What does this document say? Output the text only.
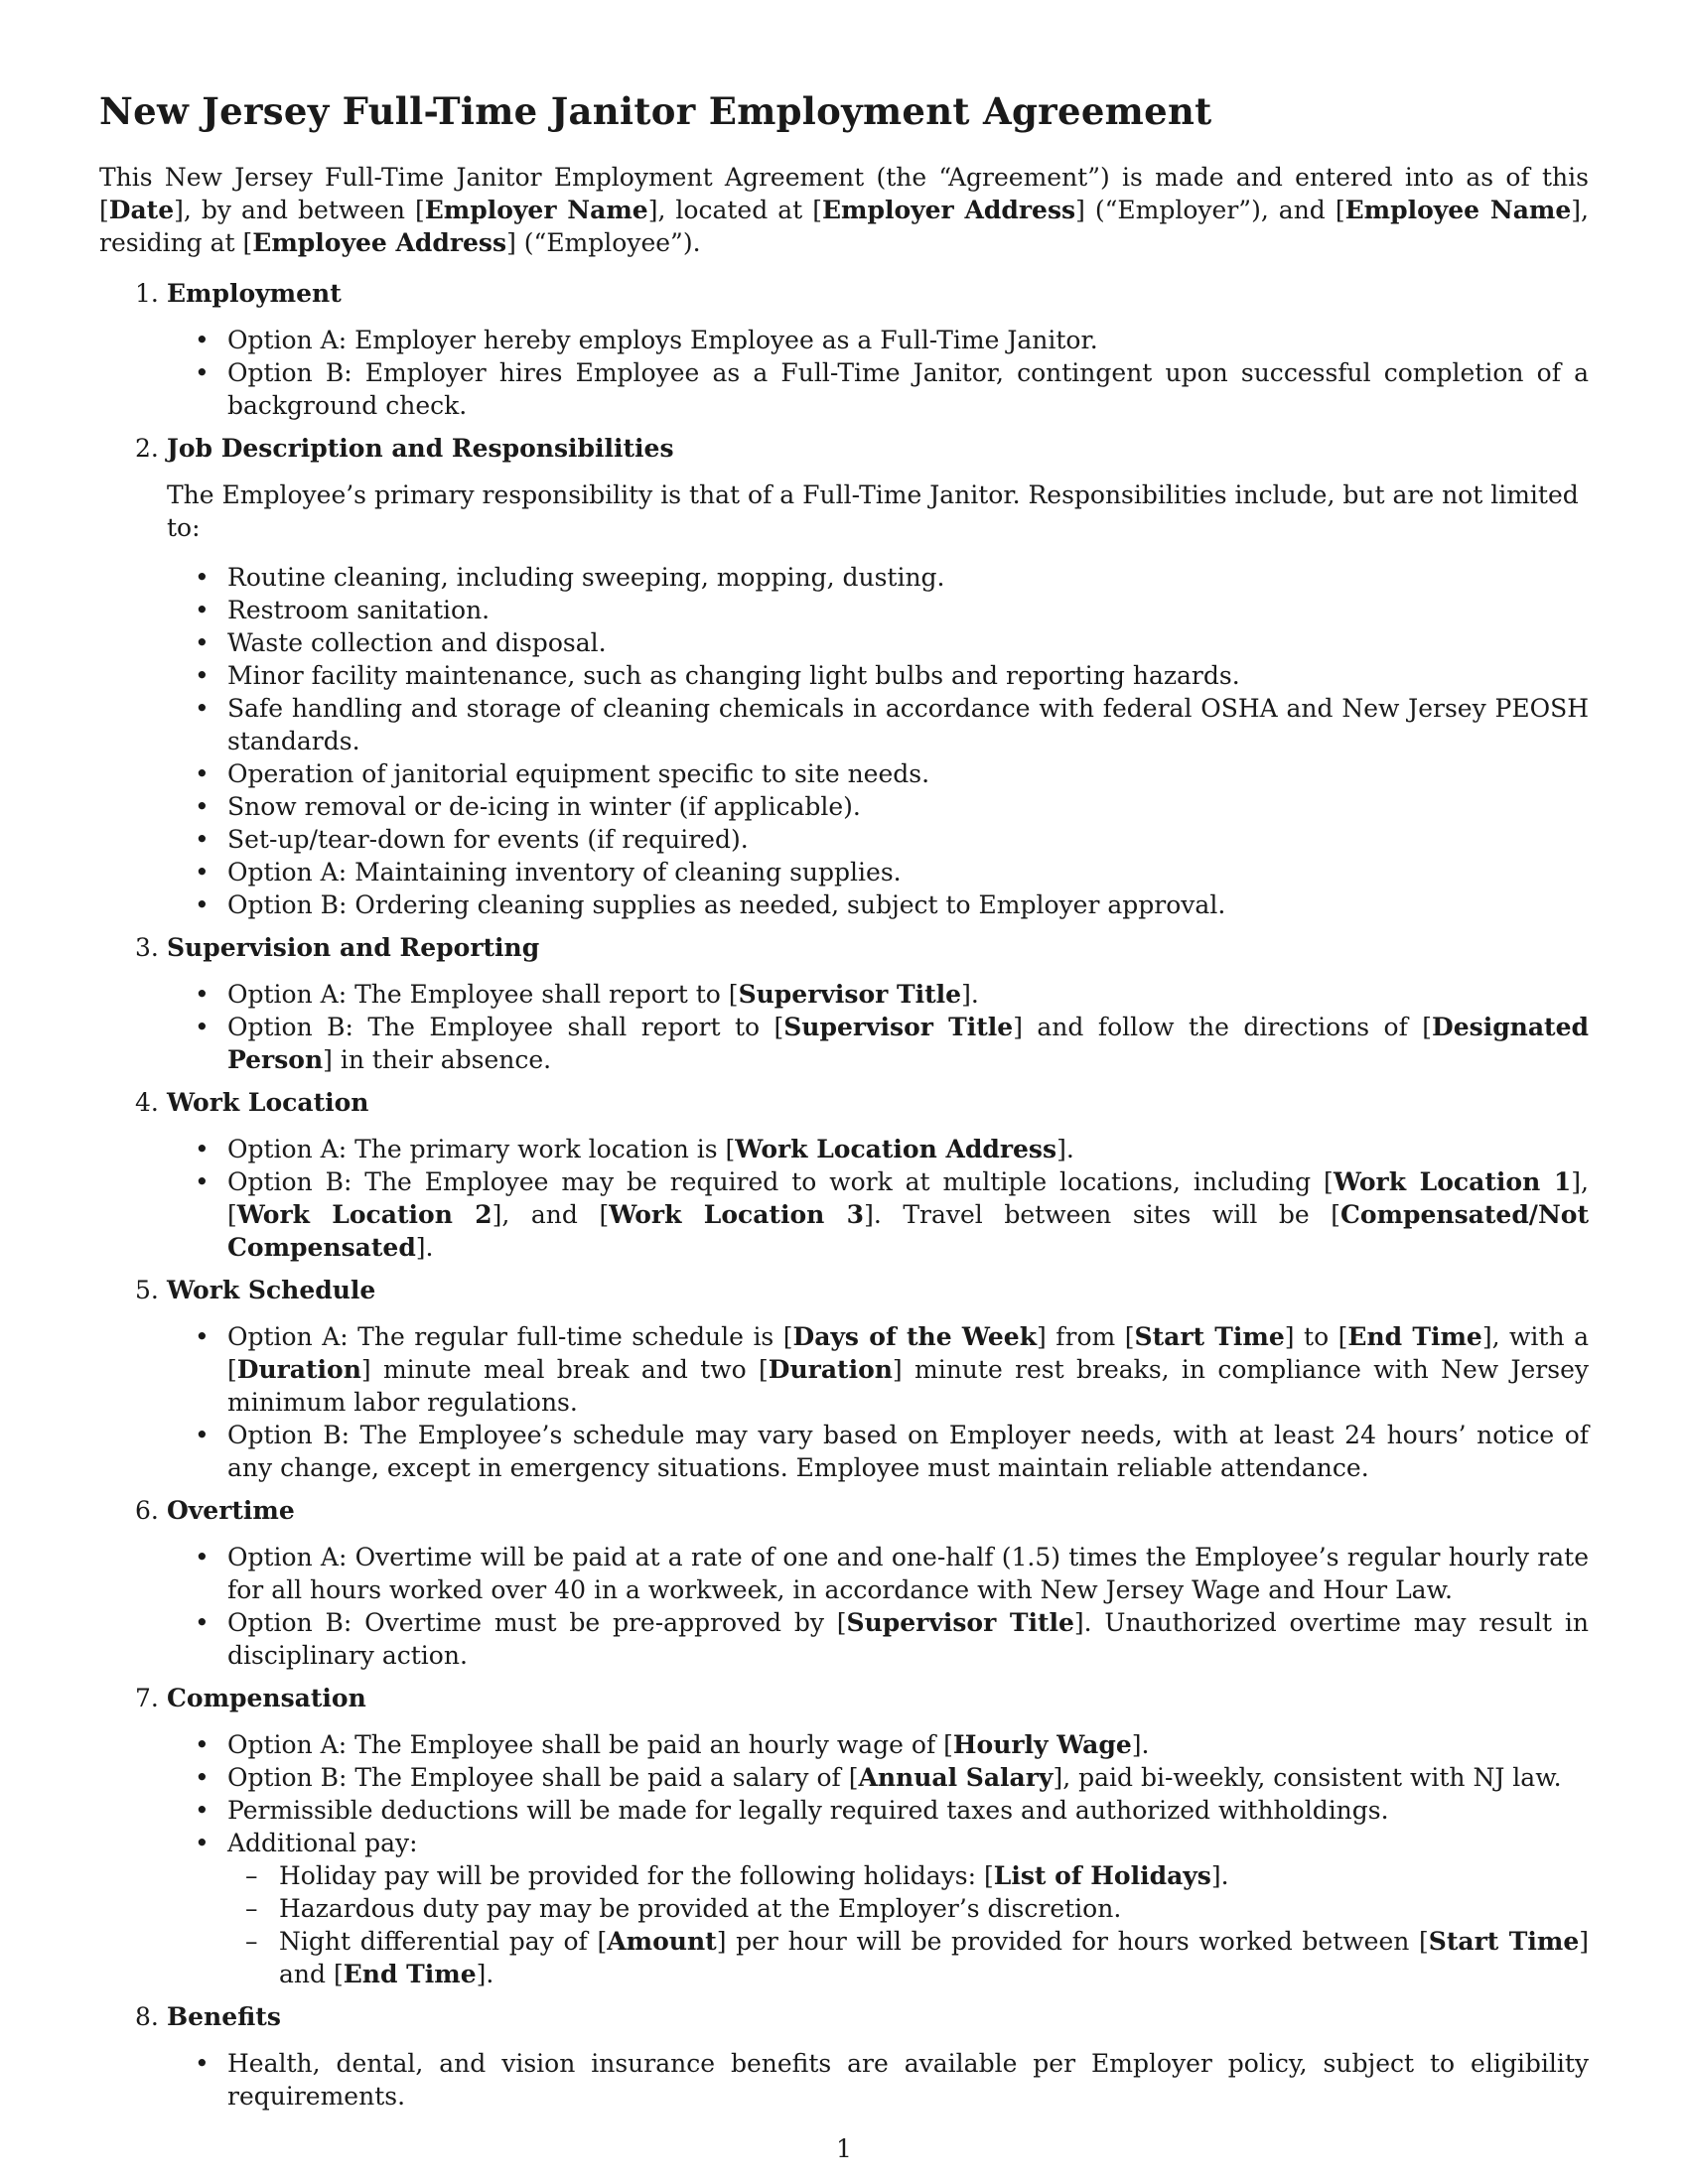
New Jersey Full-Time Janitor Employment Agreement

This New Jersey Full-Time Janitor Employment Agreement (the “Agreement”) is made and entered into as of this [Date], by and between [Employer Name], located at [Employer Address] (“Employer”), and [Employee Name], residing at [Employee Address] (“Employee”).

1. Employment
• Option A: Employer hereby employs Employee as a Full-Time Janitor.
• Option B: Employer hires Employee as a Full-Time Janitor, contingent upon successful completion of a background check.
2. Job Description and Responsibilities

The Employee’s primary responsibility is that of a Full-Time Janitor. Responsibilities include, but are not limited to:

• Routine cleaning, including sweeping, mopping, dusting.
• Restroom sanitation.
• Waste collection and disposal.
• Minor facility maintenance, such as changing light bulbs and reporting hazards.
• Safe handling and storage of cleaning chemicals in accordance with federal OSHA and New Jersey PEOSH standards.
• Operation of janitorial equipment specific to site needs.
• Snow removal or de-icing in winter (if applicable).
• Set-up/tear-down for events (if required).
• Option A: Maintaining inventory of cleaning supplies.
• Option B: Ordering cleaning supplies as needed, subject to Employer approval.
3. Supervision and Reporting
• Option A: The Employee shall report to [Supervisor Title].
• Option B: The Employee shall report to [Supervisor Title] and follow the directions of [Designated Person] in their absence.
4. Work Location
• Option A: The primary work location is [Work Location Address].
• Option B: The Employee may be required to work at multiple locations, including [Work Location 1], [Work Location 2], and [Work Location 3]. Travel between sites will be [Compensated/Not Compensated].
5. Work Schedule
• Option A: The regular full-time schedule is [Days of the Week] from [Start Time] to [End Time], with a [Duration] minute meal break and two [Duration] minute rest breaks, in compliance with New Jersey minimum labor regulations.
• Option B: The Employee’s schedule may vary based on Employer needs, with at least 24 hours’ notice of any change, except in emergency situations. Employee must maintain reliable attendance.
6. Overtime
• Option A: Overtime will be paid at a rate of one and one-half (1.5) times the Employee’s regular hourly rate for all hours worked over 40 in a workweek, in accordance with New Jersey Wage and Hour Law.
• Option B: Overtime must be pre-approved by [Supervisor Title]. Unauthorized overtime may result in disciplinary action.
7. Compensation
• Option A: The Employee shall be paid an hourly wage of [Hourly Wage].
• Option B: The Employee shall be paid a salary of [Annual Salary], paid bi-weekly, consistent with NJ law.
• Permissible deductions will be made for legally required taxes and authorized withholdings.
• Additional pay:
– Holiday pay will be provided for the following holidays: [List of Holidays].
– Hazardous duty pay may be provided at the Employer’s discretion.
– Night differential pay of [Amount] per hour will be provided for hours worked between [Start Time] and [End Time].
8. Benefits
• Health, dental, and vision insurance benefits are available per Employer policy, subject to eligibility requirements.
1
